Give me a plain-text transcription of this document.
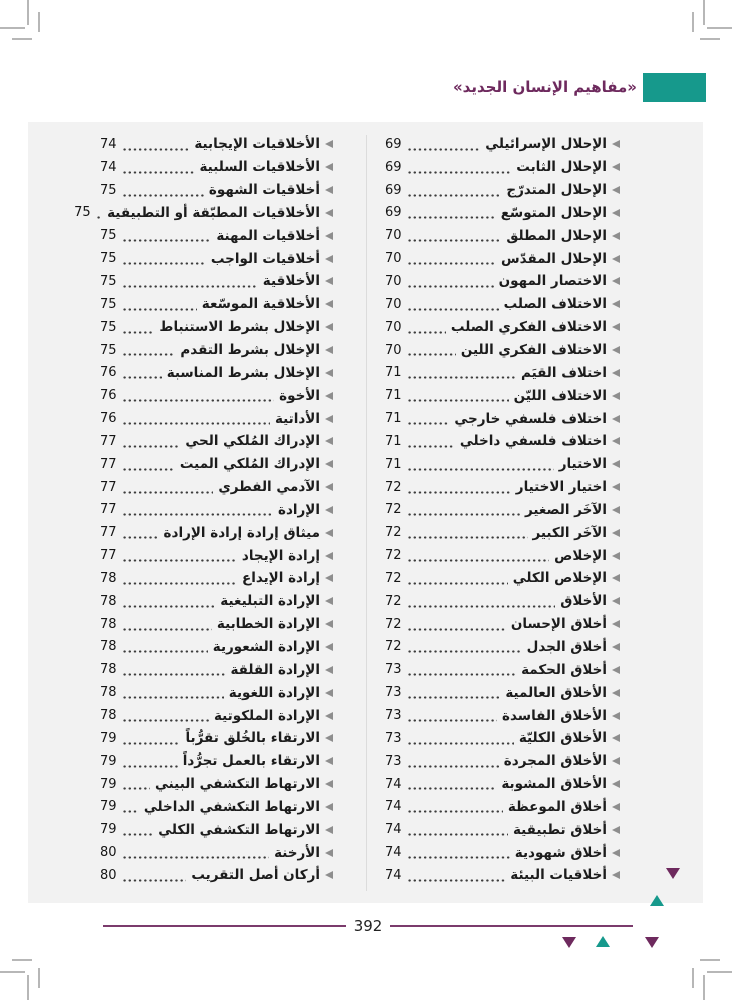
«مفاهيم الإنسان الجديد»
الإحلال الإسرائيلي
69
الإحلال الثابت
69
الإحلال المتدرّج
69
الإحلال المتوسّع
69
الإحلال المطلق
70
الإحلال المقدّس
70
الاختصار المهون
70
الاختلاف الصلب
70
الاختلاف الفكري الصلب
70
الاختلاف الفكري اللين
70
اختلاف القيَم
71
الاختلاف الليّن
71
اختلاف فلسفي خارجي
71
اختلاف فلسفي داخلي
71
الاختيار
71
اختيار الاختيار
72
الآخَر الصغير
72
الآخَر الكبير
72
الإخلاص
72
الإخلاص الكلي
72
الأخلاق
72
أخلاق الإحسان
72
أخلاق الجدل
72
أخلاق الحكمة
73
الأخلاق العالمية
73
الأخلاق الفاسدة
73
الأخلاق الكليّة
73
الأخلاق المجردة
73
الأخلاق المشوبة
74
أخلاق الموعظة
74
أخلاق تطبيقية
74
أخلاق شهودية
74
أخلاقيات البيئة
74
الأخلاقيات الإيجابية
74
الأخلاقيات السلبية
74
أخلاقيات الشهوة
75
الأخلاقيات المطبّقة أو التطبيقية
75
أخلاقيات المهنة
75
أخلاقيات الواجب
75
الأخلاقية
75
الأخلاقية الموسّعة
75
الإخلال بشرط الاستنباط
75
الإخلال بشرط التقدم
75
الإخلال بشرط المناسبة
76
الأخوة
76
الأداتية
76
الإدراك المُلكي الحي
77
الإدراك المُلكي الميت
77
الآدمي الفطري
77
الإرادة
77
ميثاق إرادة إرادة الإرادة
77
إرادة الإيجاد
77
إرادة الإيداع
78
الإرادة التبليغية
78
الإرادة الخطابية
78
الإرادة الشعورية
78
الإرادة القلقة
78
الإرادة اللغوية
78
الإرادة الملكوتية
78
الارتقاء بالخُلق تقرُّباً
79
الارتقاء بالعمل تجرُّداً
79
الارتهاط التكشفي البيني
79
الارتهاط التكشفي الداخلي
79
الارتهاط التكشفي الكلي
79
الأرخنة
80
أركان أصل التقريب
80
392
